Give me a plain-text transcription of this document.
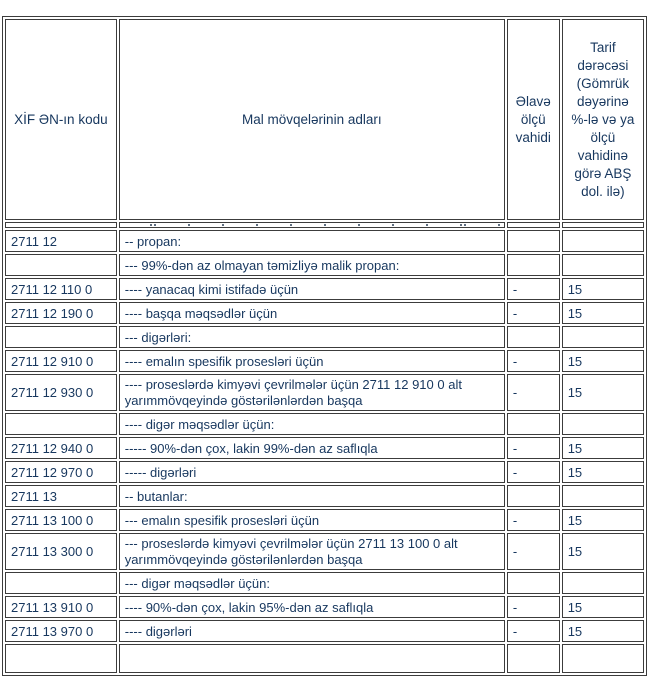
XİF ƏN-ın kodu	Mal mövqelərinin adları	Əlavə ölçü vahidi	Tarif dərəcəsi (Gömrük dəyərinə %-lə və ya ölçü vahidinə görə ABŞ dol. ilə)

2711 12	-- propan:		
	--- 99%-dən az olmayan təmizliyə malik propan:		
2711 12 110 0	---- yanacaq kimi istifadə üçün	-	15
2711 12 190 0	---- başqa məqsədlər üçün	-	15
	--- digərləri:		
2711 12 910 0	---- emalın spesifik prosesləri üçün	-	15
2711 12 930 0	---- proseslərdə kimyəvi çevrilmələr üçün 2711 12 910 0 alt yarımmövqeyində göstərilənlərdən başqa	-	15
	---- digər məqsədlər üçün:		
2711 12 940 0	----- 90%-dən çox, lakin 99%-dən az saflıqla	-	15
2711 12 970 0	----- digərləri	-	15
2711 13	-- butanlar:		
2711 13 100 0	--- emalın spesifik prosesləri üçün	-	15
2711 13 300 0	--- proseslərdə kimyəvi çevrilmələr üçün 2711 13 100 0 alt yarımmövqeyində göstərilənlərdən başqa	-	15
	--- digər məqsədlər üçün:		
2711 13 910 0	---- 90%-dən çox, lakin 95%-dən az saflıqla	-	15
2711 13 970 0	---- digərləri	-	15
